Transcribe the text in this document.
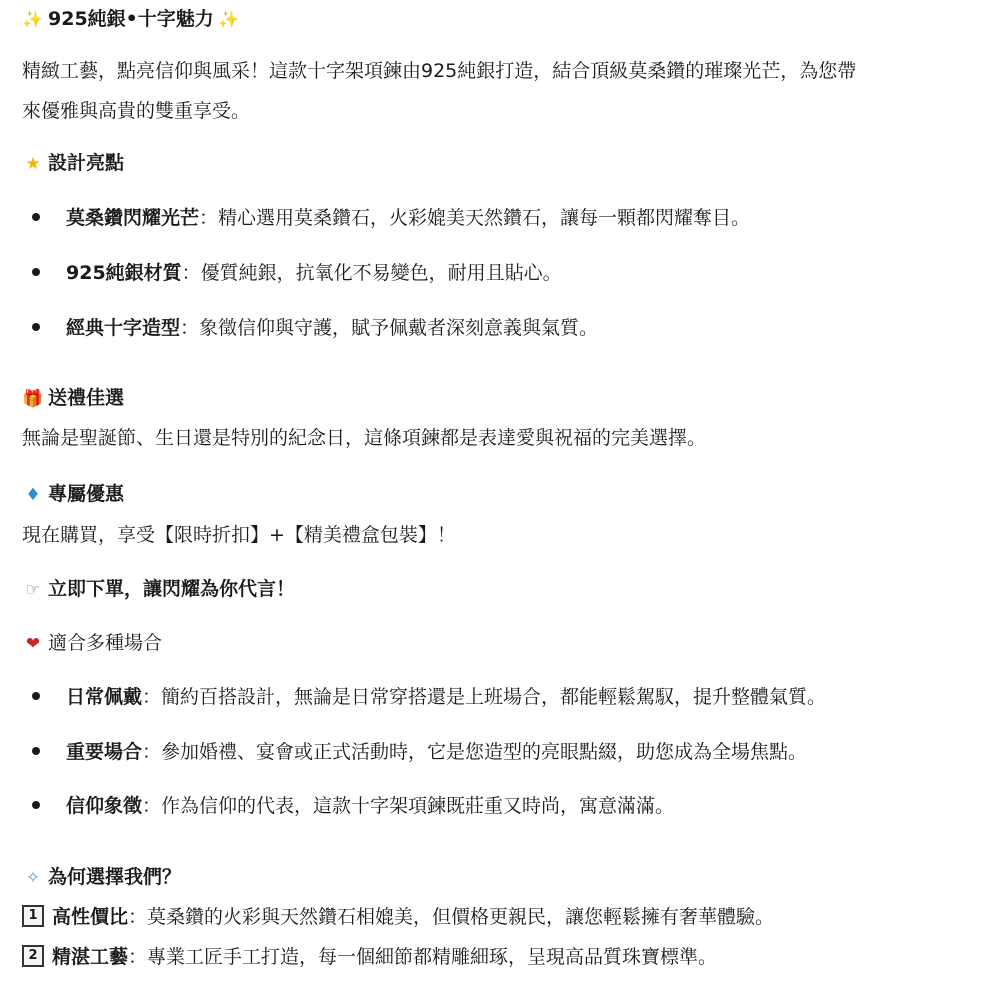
✨ 925純銀•十字魅力 ✨
精緻工藝，點亮信仰與風采！這款十字架項鍊由925純銀打造，結合頂級莫桑鑽的璀璨光芒，為您帶
來優雅與高貴的雙重享受。
★ 設計亮點
莫桑鑽閃耀光芒：精心選用莫桑鑽石，火彩媲美天然鑽石，讓每一顆都閃耀奪目。
925純銀材質：優質純銀，抗氧化不易變色，耐用且貼心。
經典十字造型：象徵信仰與守護，賦予佩戴者深刻意義與氣質。
🎁 送禮佳選
無論是聖誕節、生日還是特別的紀念日，這條項鍊都是表達愛與祝福的完美選擇。
♦ 專屬優惠
現在購買，享受【限時折扣】+【精美禮盒包裝】！
☞ 立即下單，讓閃耀為你代言！
❤ 適合多種場合
日常佩戴：簡約百搭設計，無論是日常穿搭還是上班場合，都能輕鬆駕馭，提升整體氣質。
重要場合：參加婚禮、宴會或正式活動時，它是您造型的亮眼點綴，助您成為全場焦點。
信仰象徵：作為信仰的代表，這款十字架項鍊既莊重又時尚，寓意滿滿。
✧ 為何選擇我們？
1 高性價比：莫桑鑽的火彩與天然鑽石相媲美，但價格更親民，讓您輕鬆擁有奢華體驗。
2 精湛工藝：專業工匠手工打造，每一個細節都精雕細琢，呈現高品質珠寶標準。
